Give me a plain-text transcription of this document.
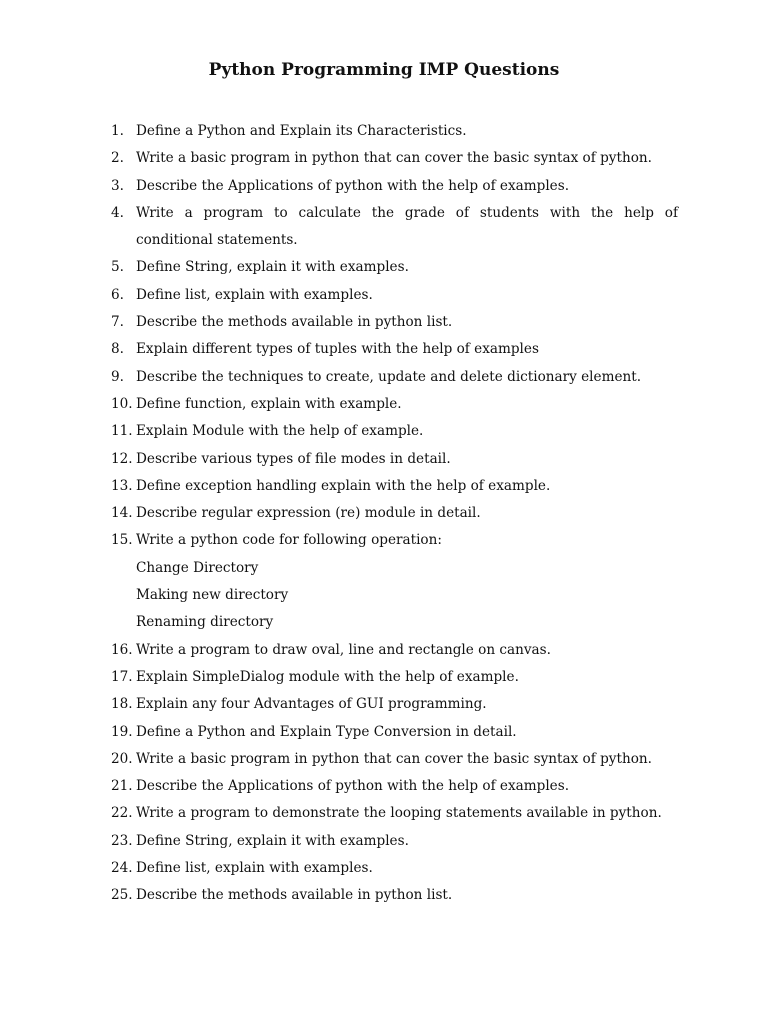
Python Programming IMP Questions
1. Define a Python and Explain its Characteristics.
2. Write a basic program in python that can cover the basic syntax of python.
3. Describe the Applications of python with the help of examples.
4. Write a program to calculate the grade of students with the help of conditional statements.
5. Define String, explain it with examples.
6. Define list, explain with examples.
7. Describe the methods available in python list.
8. Explain different types of tuples with the help of examples
9. Describe the techniques to create, update and delete dictionary element.
10. Define function, explain with example.
11. Explain Module with the help of example.
12. Describe various types of file modes in detail.
13. Define exception handling explain with the help of example.
14. Describe regular expression (re) module in detail.
15. Write a python code for following operation:
Change Directory
Making new directory
Renaming directory
16. Write a program to draw oval, line and rectangle on canvas.
17. Explain SimpleDialog module with the help of example.
18. Explain any four Advantages of GUI programming.
19. Define a Python and Explain Type Conversion in detail.
20. Write a basic program in python that can cover the basic syntax of python.
21. Describe the Applications of python with the help of examples.
22. Write a program to demonstrate the looping statements available in python.
23. Define String, explain it with examples.
24. Define list, explain with examples.
25. Describe the methods available in python list.
